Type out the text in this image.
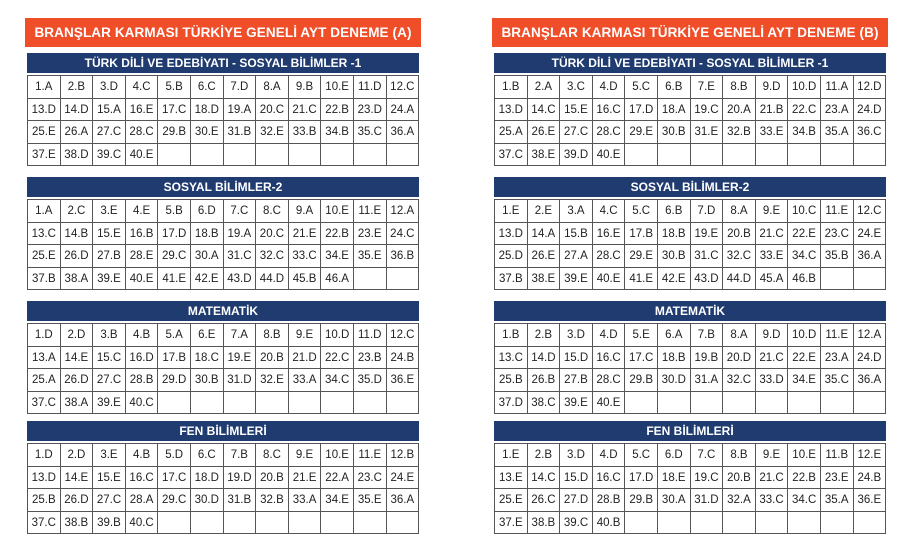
BRANŞLAR KARMASI TÜRKİYE GENELİ AYT DENEME (A)
TÜRK DİLİ VE EDEBİYATI - SOSYAL BİLİMLER -1
1.A	2.B	3.D	4.C	5.B	6.C	7.D	8.A	9.B	10.E 11.D 12.C
13.D 14.D 15.A 16.E 17.C 18.D 19.A 20.C 21.C 22.B 23.D 24.A
25.E 26.A 27.C 28.C 29.B 30.E 31.B 32.E 33.B 34.B 35.C 36.A
37.E 38.D 39.C 40.E
SOSYAL BİLİMLER-2
1.A	2.C	3.E	4.E	5.B	6.D	7.C	8.C	9.A	10.E 11.E 12.A
13.C 14.B 15.E 16.B 17.D 18.B 19.A 20.C 21.E 22.B 23.E 24.C
25.E 26.D 27.B 28.E 29.C 30.A 31.C 32.C 33.C 34.E 35.E 36.B
37.B 38.A 39.E 40.E 41.E 42.E 43.D 44.D 45.B 46.A
MATEMATİK
1.D	2.D	3.B	4.B	5.A	6.E	7.A	8.B	9.E	10.D 11.D 12.C
13.A 14.E 15.C 16.D 17.B 18.C 19.E 20.B 21.D 22.C 23.B 24.B
25.A 26.D 27.C 28.B 29.D 30.B 31.D 32.E 33.A 34.C 35.D 36.E
37.C 38.A 39.E 40.C
FEN BİLİMLERİ
1.D	2.D	3.E	4.B	5.D	6.C	7.B	8.C	9.E	10.E 11.E 12.B
13.D 14.E 15.E 16.C 17.C 18.D 19.D 20.B 21.E 22.A 23.C 24.E
25.B 26.D 27.C 28.A 29.C 30.D 31.B 32.B 33.A 34.E 35.E 36.A
37.C 38.B 39.B 40.C
BRANŞLAR KARMASI TÜRKİYE GENELİ AYT DENEME (B)
TÜRK DİLİ VE EDEBİYATI - SOSYAL BİLİMLER -1
1.B	2.A	3.C	4.D	5.C	6.B	7.E	8.B	9.D 10.D 11.A 12.D
13.D 14.C 15.E 16.C 17.D 18.A 19.C 20.A 21.B 22.C 23.A 24.D
25.A 26.E 27.C 28.C 29.E 30.B 31.E 32.B 33.E 34.B 35.A 36.C
37.C 38.E 39.D 40.E
SOSYAL BİLİMLER-2
1.E	2.E	3.A	4.C	5.C	6.B	7.D	8.A	9.E	10.C 11.E 12.C
13.D 14.A 15.B 16.E 17.B 18.B 19.E 20.B 21.C 22.E 23.C 24.E
25.D 26.E 27.A 28.C 29.E 30.B 31.C 32.C 33.E 34.C 35.B 36.A
37.B 38.E 39.E 40.E 41.E 42.E 43.D 44.D 45.A 46.B
MATEMATİK
1.B	2.B	3.D	4.D	5.E	6.A	7.B	8.A	9.D 10.D 11.E 12.A
13.C 14.D 15.D 16.C 17.C 18.B 19.B 20.D 21.C 22.E 23.A 24.D
25.B 26.B 27.B 28.C 29.B 30.D 31.A 32.C 33.D 34.E 35.C 36.A
37.D 38.C 39.E 40.E
FEN BİLİMLERİ
1.E	2.B	3.D	4.D	5.C	6.D	7.C	8.B	9.E	10.E 11.B 12.E
13.E 14.C 15.D 16.C 17.D 18.E 19.C 20.B 21.C 22.B 23.E 24.B
25.E 26.C 27.D 28.B 29.B 30.A 31.D 32.A 33.C 34.C 35.A 36.E
37.E 38.B 39.C 40.B
